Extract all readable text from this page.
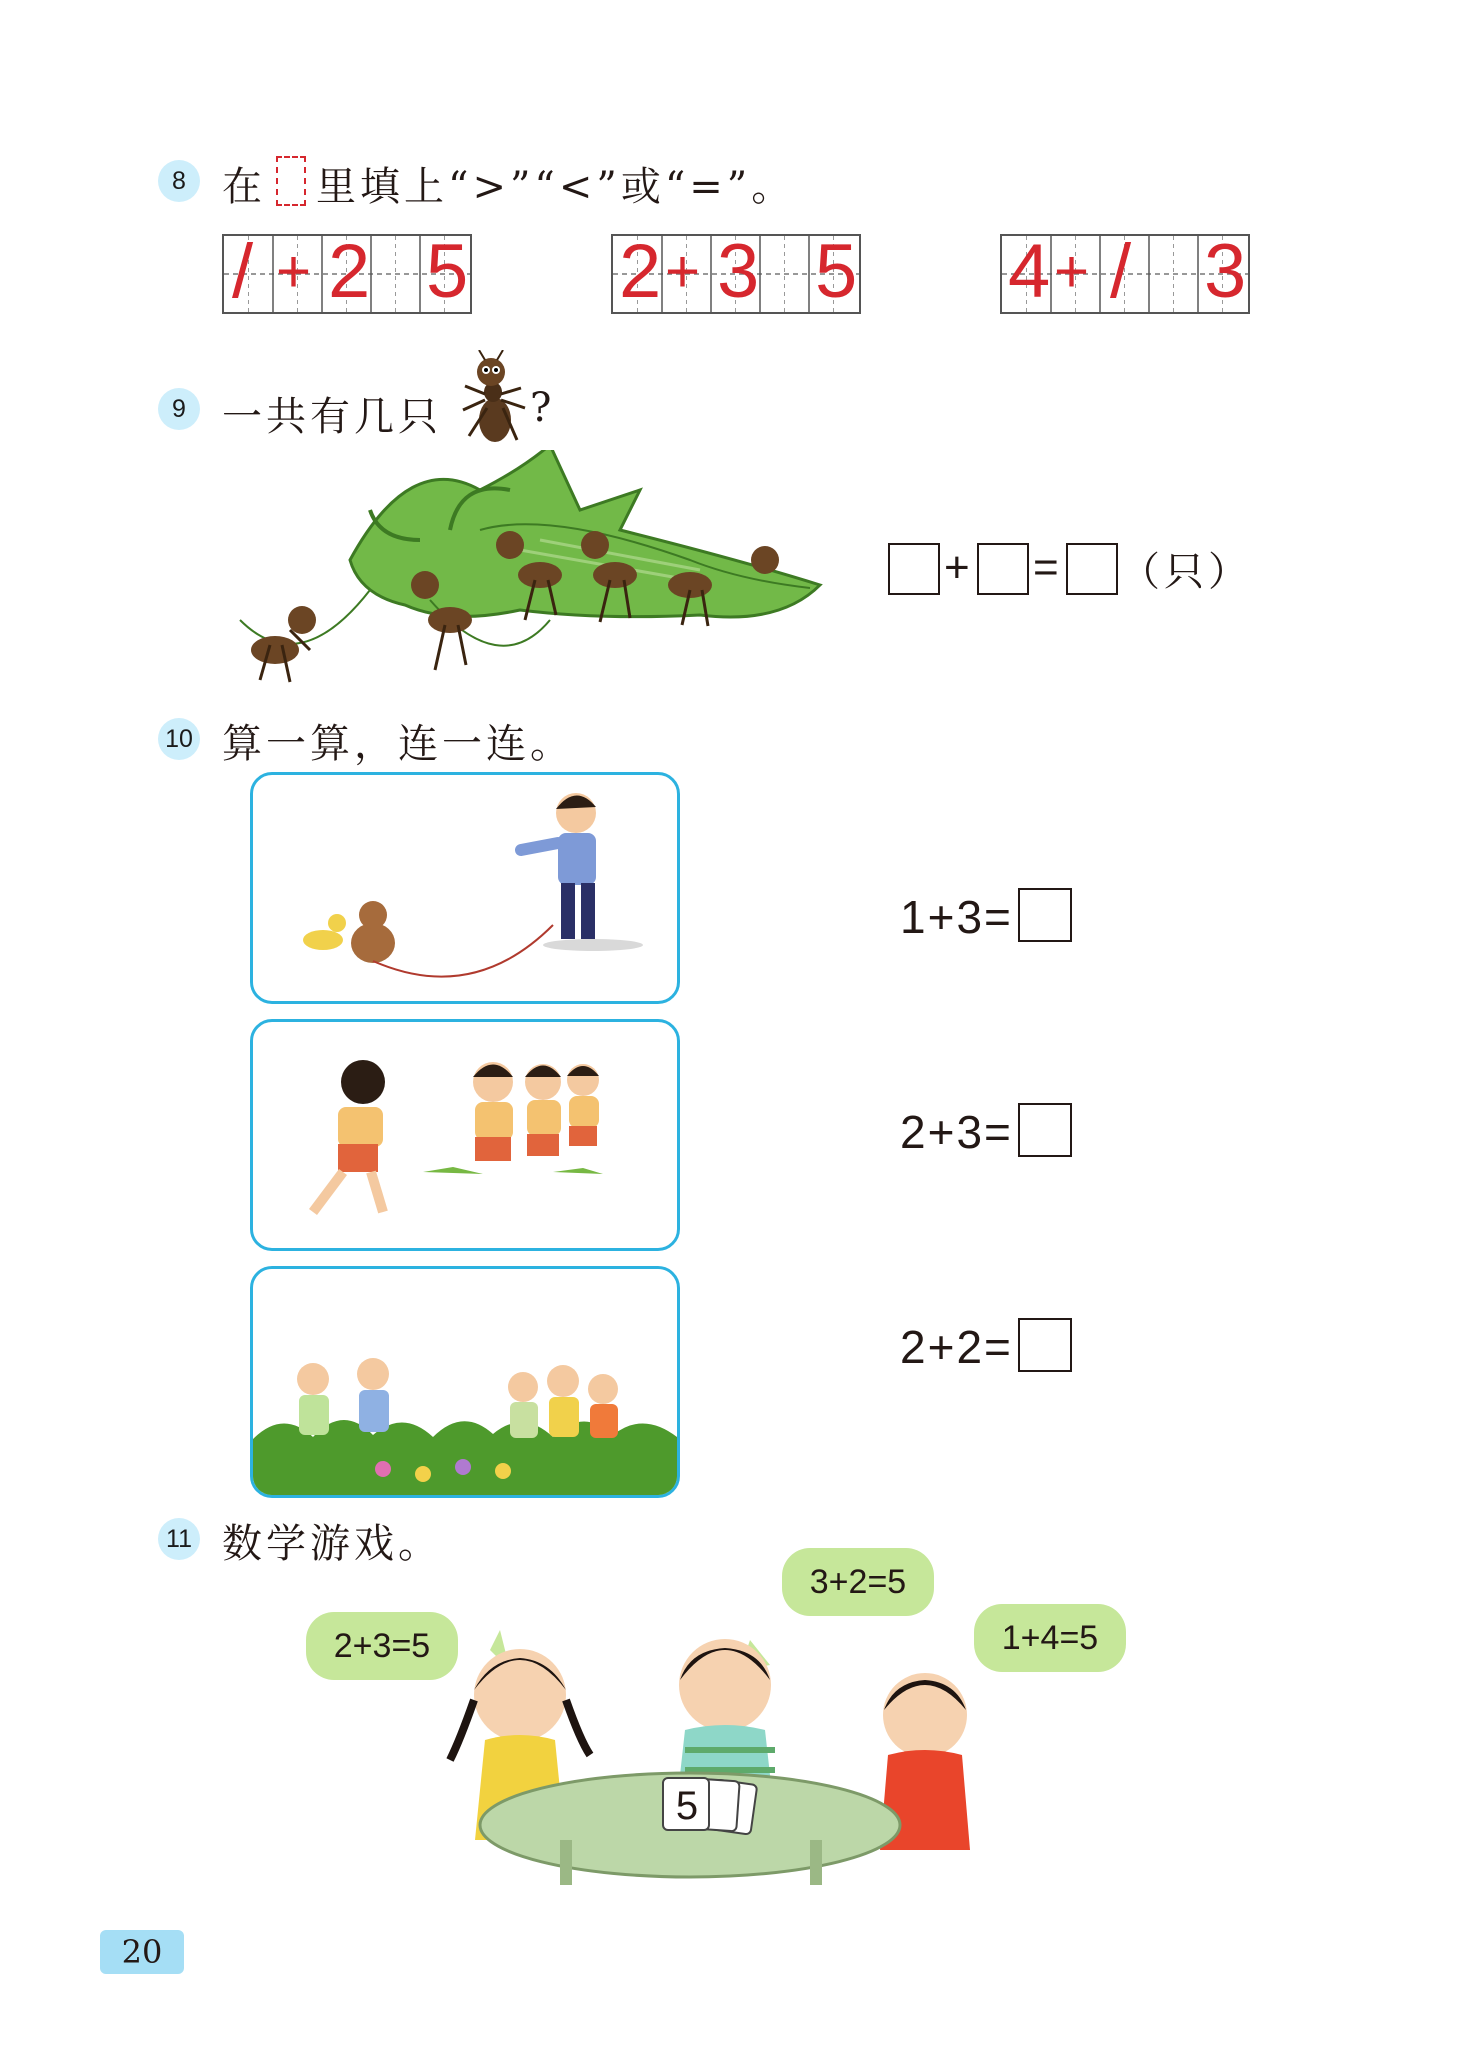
8 在 里填上“>”“<”或“=”。
/ + 2 5 2 + 3 5 4 + / 3
9 一共有几只 ?
+ = （只）
10 算一算，连一连。
1+3=
2+3=
2+2=
11 数学游戏。
2+3=5
3+2=5
1+4=5
5
20
